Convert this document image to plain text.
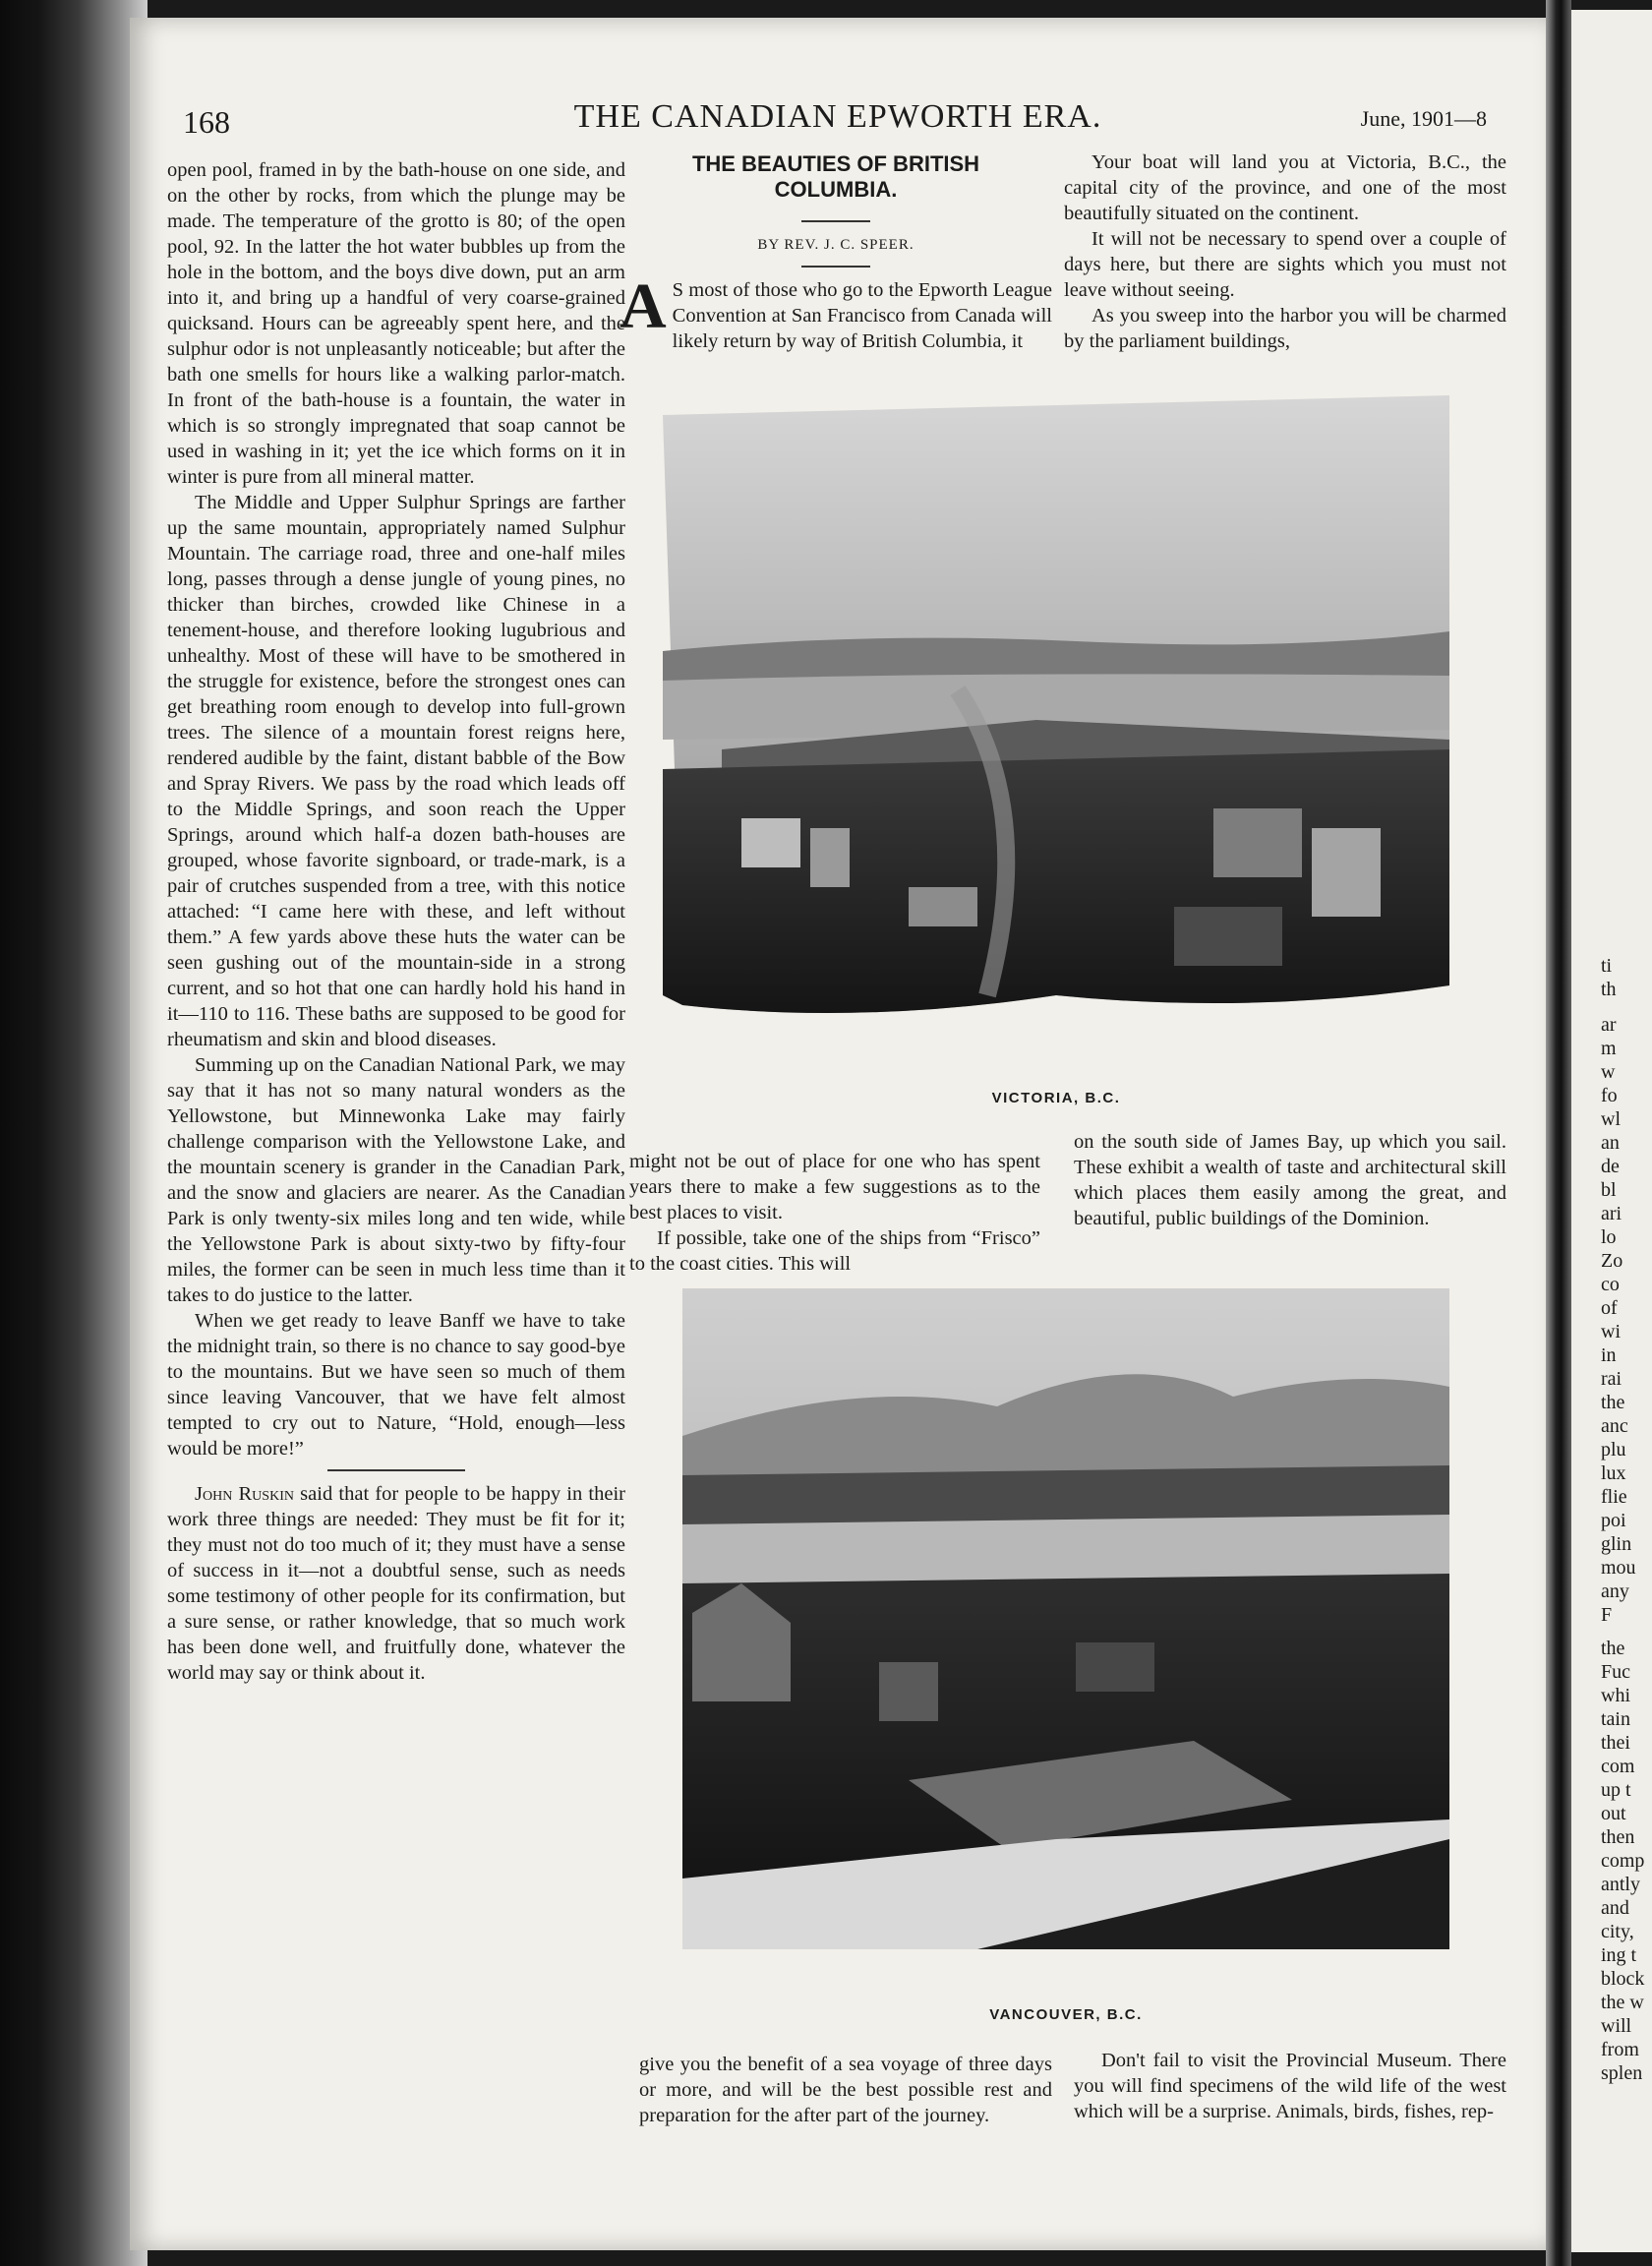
168	THE CANADIAN EPWORTH ERA.	June, 1901—8

open pool, framed in by the bath-house on one side, and on the other by rocks, from which the plunge may be made. The temperature of the grotto is 80; of the open pool, 92. In the latter the hot water bubbles up from the hole in the bottom, and the boys dive down, put an arm into it, and bring up a handful of very coarse-grained quicksand. Hours can be agreeably spent here, and the sulphur odor is not unpleasantly noticeable; but after the bath one smells for hours like a walking parlor-match. In front of the bath-house is a fountain, the water in which is so strongly impregnated that soap cannot be used in washing in it; yet the ice which forms on it in winter is pure from all mineral matter.

The Middle and Upper Sulphur Springs are farther up the same mountain, appropriately named Sulphur Mountain. The carriage road, three and one-half miles long, passes through a dense jungle of young pines, no thicker than birches, crowded like Chinese in a tenement-house, and therefore looking lugubrious and unhealthy. Most of these will have to be smothered in the struggle for existence, before the strongest ones can get breathing room enough to develop into full-grown trees. The silence of a mountain forest reigns here, rendered audible by the faint, distant babble of the Bow and Spray Rivers. We pass by the road which leads off to the Middle Springs, and soon reach the Upper Springs, around which half-a dozen bath-houses are grouped, whose favorite signboard, or trade-mark, is a pair of crutches suspended from a tree, with this notice attached: “I came here with these, and left without them.” A few yards above these huts the water can be seen gushing out of the mountain-side in a strong current, and so hot that one can hardly hold his hand in it—110 to 116. These baths are supposed to be good for rheumatism and skin and blood diseases.

Summing up on the Canadian National Park, we may say that it has not so many natural wonders as the Yellowstone, but Minnewonka Lake may fairly challenge comparison with the Yellowstone Lake, and the mountain scenery is grander in the Canadian Park, and the snow and glaciers are nearer. As the Canadian Park is only twenty-six miles long and ten wide, while the Yellowstone Park is about sixty-two by fifty-four miles, the former can be seen in much less time than it takes to do justice to the latter.

When we get ready to leave Banff we have to take the midnight train, so there is no chance to say good-bye to the mountains. But we have seen so much of them since leaving Vancouver, that we have felt almost tempted to cry out to Nature, “Hold, enough—less would be more!”

John Ruskin said that for people to be happy in their work three things are needed: They must be fit for it; they must not do too much of it; they must have a sense of success in it—not a doubtful sense, such as needs some testimony of other people for its confirmation, but a sure sense, or rather knowledge, that so much work has been done well, and fruitfully done, whatever the world may say or think about it.

THE BEAUTIES OF BRITISH
COLUMBIA.
BY REV. J. C. SPEER.

A S most of those who go to the Epworth League Convention at San Francisco from Canada will likely return by way of British Columbia, it

Your boat will land you at Victoria, B.C., the capital city of the province, and one of the most beautifully situated on the continent.

It will not be necessary to spend over a couple of days here, but there are sights which you must not leave without seeing.

As you sweep into the harbor you will be charmed by the parliament buildings,

VICTORIA, B.C.

might not be out of place for one who has spent years there to make a few suggestions as to the best places to visit.

If possible, take one of the ships from “Frisco” to the coast cities. This will

on the south side of James Bay, up which you sail. These exhibit a wealth of taste and architectural skill which places them easily among the great, and beautiful, public buildings of the Dominion.

VANCOUVER, B.C.

give you the benefit of a sea voyage of three days or more, and will be the best possible rest and preparation for the after part of the journey.

Don't fail to visit the Provincial Museum. There you will find specimens of the wild life of the west which will be a surprise. Animals, birds, fishes, rep-

ti
th
ar
m
w
fo
wl
an
de
bl
ari
lo
Zo
co
of
wi
in
rai
the
anc
plu
lux
flie
poi
glin
mou
any
F
the
Fuc
whi
tain
thei
com
up t
out
then
comp
antly
and
city,
ing t
block
the w
will
from
splen
